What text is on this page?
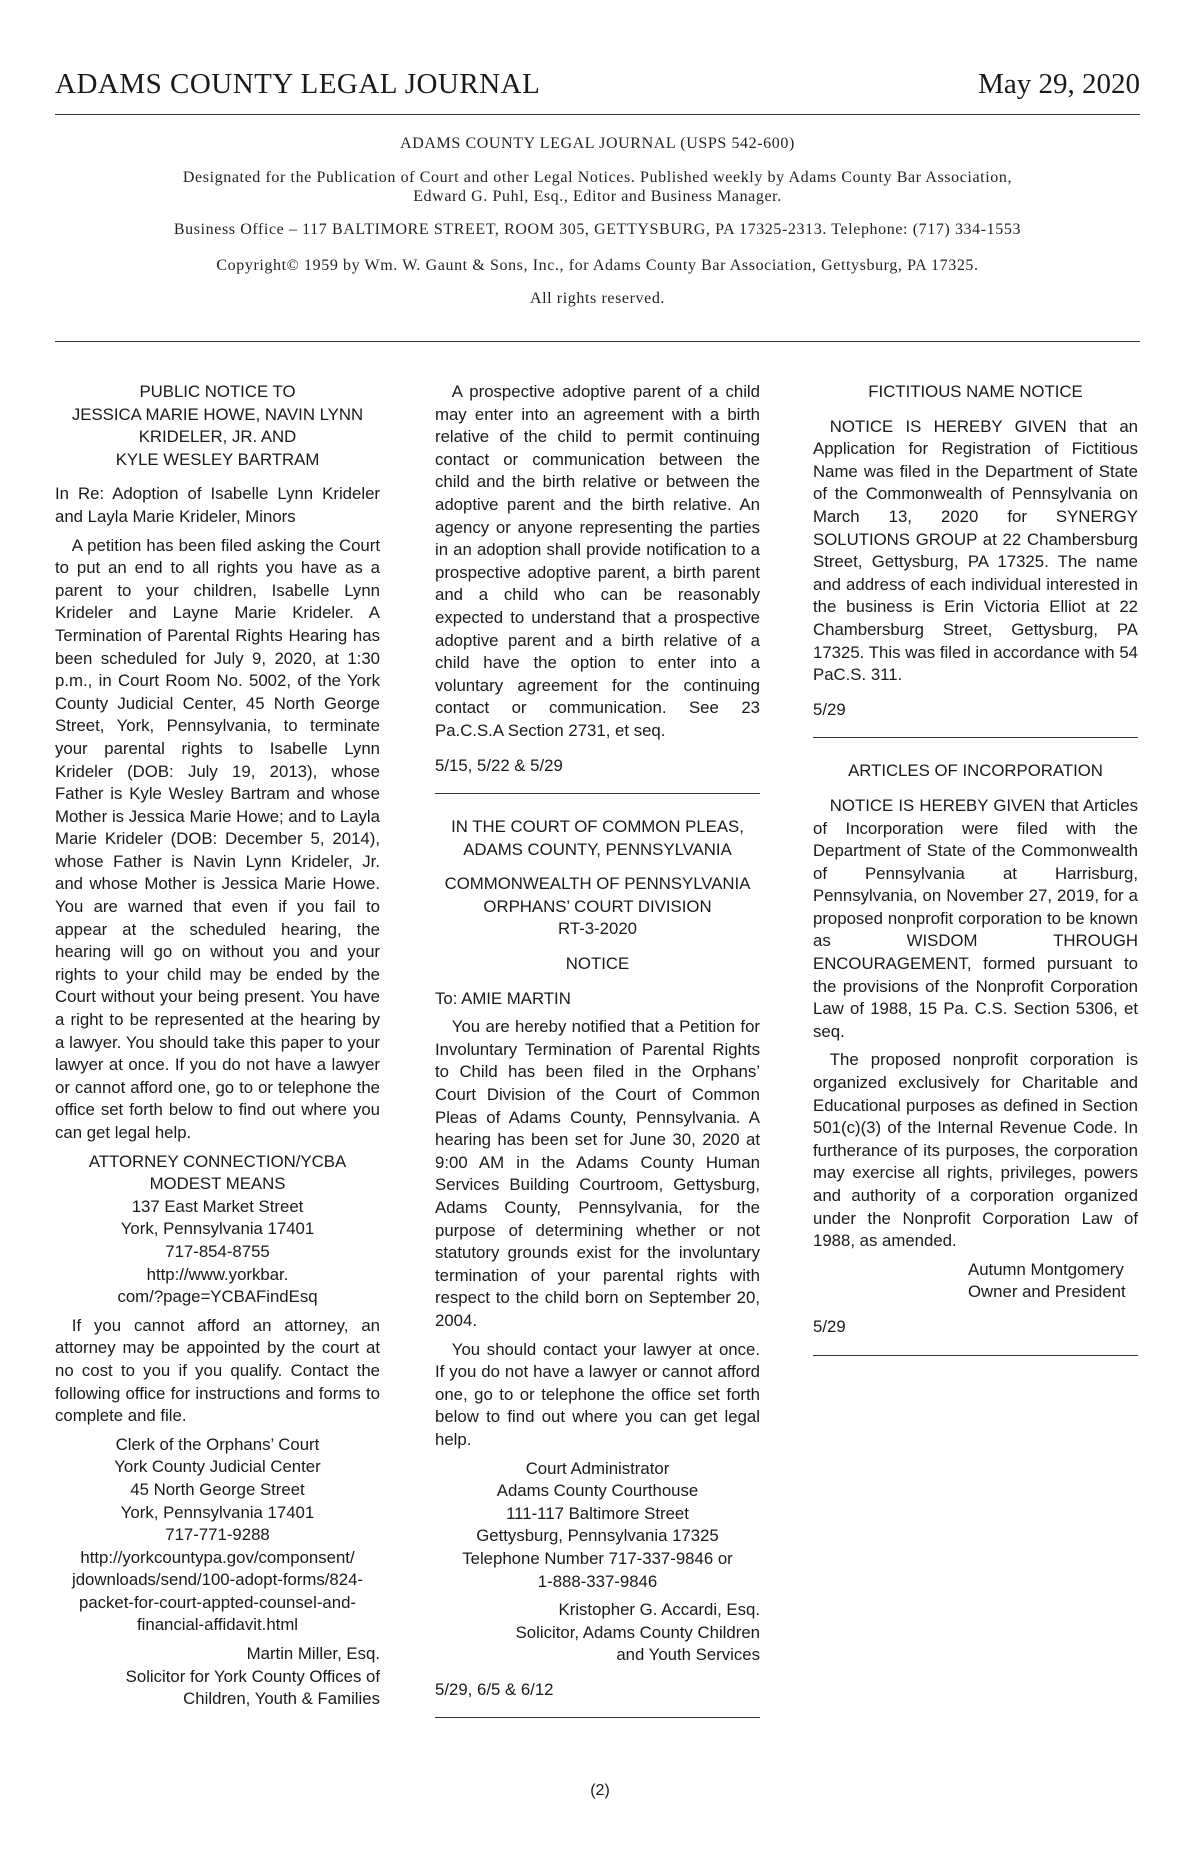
ADAMS COUNTY LEGAL JOURNAL	May 29, 2020

ADAMS COUNTY LEGAL JOURNAL (USPS 542-600)

Designated for the Publication of Court and other Legal Notices. Published weekly by Adams County Bar Association,

Edward G. Puhl, Esq., Editor and Business Manager.

Business Office – 117 BALTIMORE STREET, ROOM 305, GETTYSBURG, PA 17325-2313. Telephone: (717) 334-1553

Copyright© 1959 by Wm. W. Gaunt & Sons, Inc., for Adams County Bar Association, Gettysburg, PA 17325.

All rights reserved.

PUBLIC NOTICE TO
JESSICA MARIE HOWE, NAVIN LYNN
KRIDELER, JR. AND
KYLE WESLEY BARTRAM

In Re: Adoption of Isabelle Lynn Krideler and Layla Marie Krideler, Minors

A petition has been filed asking the Court to put an end to all rights you have as a parent to your children, Isabelle Lynn Krideler and Layne Marie Krideler. A Termination of Parental Rights Hearing has been scheduled for July 9, 2020, at 1:30 p.m., in Court Room No. 5002, of the York County Judicial Center, 45 North George Street, York, Pennsylvania, to terminate your parental rights to Isabelle Lynn Krideler (DOB: July 19, 2013), whose Father is Kyle Wesley Bartram and whose Mother is Jessica Marie Howe; and to Layla Marie Krideler (DOB: December 5, 2014), whose Father is Navin Lynn Krideler, Jr. and whose Mother is Jessica Marie Howe. You are warned that even if you fail to appear at the scheduled hearing, the hearing will go on without you and your rights to your child may be ended by the Court without your being present. You have a right to be represented at the hearing by a lawyer. You should take this paper to your lawyer at once. If you do not have a lawyer or cannot afford one, go to or telephone the office set forth below to find out where you can get legal help.

ATTORNEY CONNECTION/YCBA
MODEST MEANS
137 East Market Street
York, Pennsylvania 17401
717-854-8755
http://www.yorkbar.
com/?page=YCBAFindEsq

If you cannot afford an attorney, an attorney may be appointed by the court at no cost to you if you qualify. Contact the following office for instructions and forms to complete and file.

Clerk of the Orphans’ Court
York County Judicial Center
45 North George Street
York, Pennsylvania 17401
717-771-9288
http://yorkcountypa.gov/componsent/
jdownloads/send/100-adopt-forms/824-
packet-for-court-appted-counsel-and-
financial-affidavit.html
Martin Miller, Esq.
Solicitor for York County Offices of
Children, Youth & Families

A prospective adoptive parent of a child may enter into an agreement with a birth relative of the child to permit continuing contact or communication between the child and the birth relative or between the adoptive parent and the birth relative. An agency or anyone representing the parties in an adoption shall provide notification to a prospective adoptive parent, a birth parent and a child who can be reasonably expected to understand that a prospective adoptive parent and a birth relative of a child have the option to enter into a voluntary agreement for the continuing contact or communication. See 23 Pa.C.S.A Section 2731, et seq.

5/15, 5/22 & 5/29

IN THE COURT OF COMMON PLEAS,
ADAMS COUNTY, PENNSYLVANIA

COMMONWEALTH OF PENNSYLVANIA
ORPHANS’ COURT DIVISION
RT-3-2020

NOTICE

To: AMIE MARTIN

You are hereby notified that a Petition for Involuntary Termination of Parental Rights to Child has been filed in the Orphans’ Court Division of the Court of Common Pleas of Adams County, Pennsylvania. A hearing has been set for June 30, 2020 at 9:00 AM in the Adams County Human Services Building Courtroom, Gettysburg, Adams County, Pennsylvania, for the purpose of determining whether or not statutory grounds exist for the involuntary termination of your parental rights with respect to the child born on September 20, 2004.

You should contact your lawyer at once. If you do not have a lawyer or cannot afford one, go to or telephone the office set forth below to find out where you can get legal help.

Court Administrator
Adams County Courthouse
111-117 Baltimore Street
Gettysburg, Pennsylvania 17325
Telephone Number 717-337-9846 or
1-888-337-9846
Kristopher G. Accardi, Esq.
Solicitor, Adams County Children
and Youth Services

5/29, 6/5 & 6/12

FICTITIOUS NAME NOTICE

NOTICE IS HEREBY GIVEN that an Application for Registration of Fictitious Name was filed in the Department of State of the Commonwealth of Pennsylvania on March 13, 2020 for SYNERGY SOLUTIONS GROUP at 22 Chambersburg Street, Gettysburg, PA 17325. The name and address of each individual interested in the business is Erin Victoria Elliot at 22 Chambersburg Street, Gettysburg, PA 17325. This was filed in accordance with 54 PaC.S. 311.

5/29

ARTICLES OF INCORPORATION

NOTICE IS HEREBY GIVEN that Articles of Incorporation were filed with the Department of State of the Commonwealth of Pennsylvania at Harrisburg, Pennsylvania, on November 27, 2019, for a proposed nonprofit corporation to be known as WISDOM THROUGH ENCOURAGEMENT, formed pursuant to the provisions of the Nonprofit Corporation Law of 1988, 15 Pa. C.S. Section 5306, et seq.

The proposed nonprofit corporation is organized exclusively for Charitable and Educational purposes as defined in Section 501(c)(3) of the Internal Revenue Code. In furtherance of its purposes, the corporation may exercise all rights, privileges, powers and authority of a corporation organized under the Nonprofit Corporation Law of 1988, as amended.

Autumn Montgomery
Owner and President

5/29

(2)
